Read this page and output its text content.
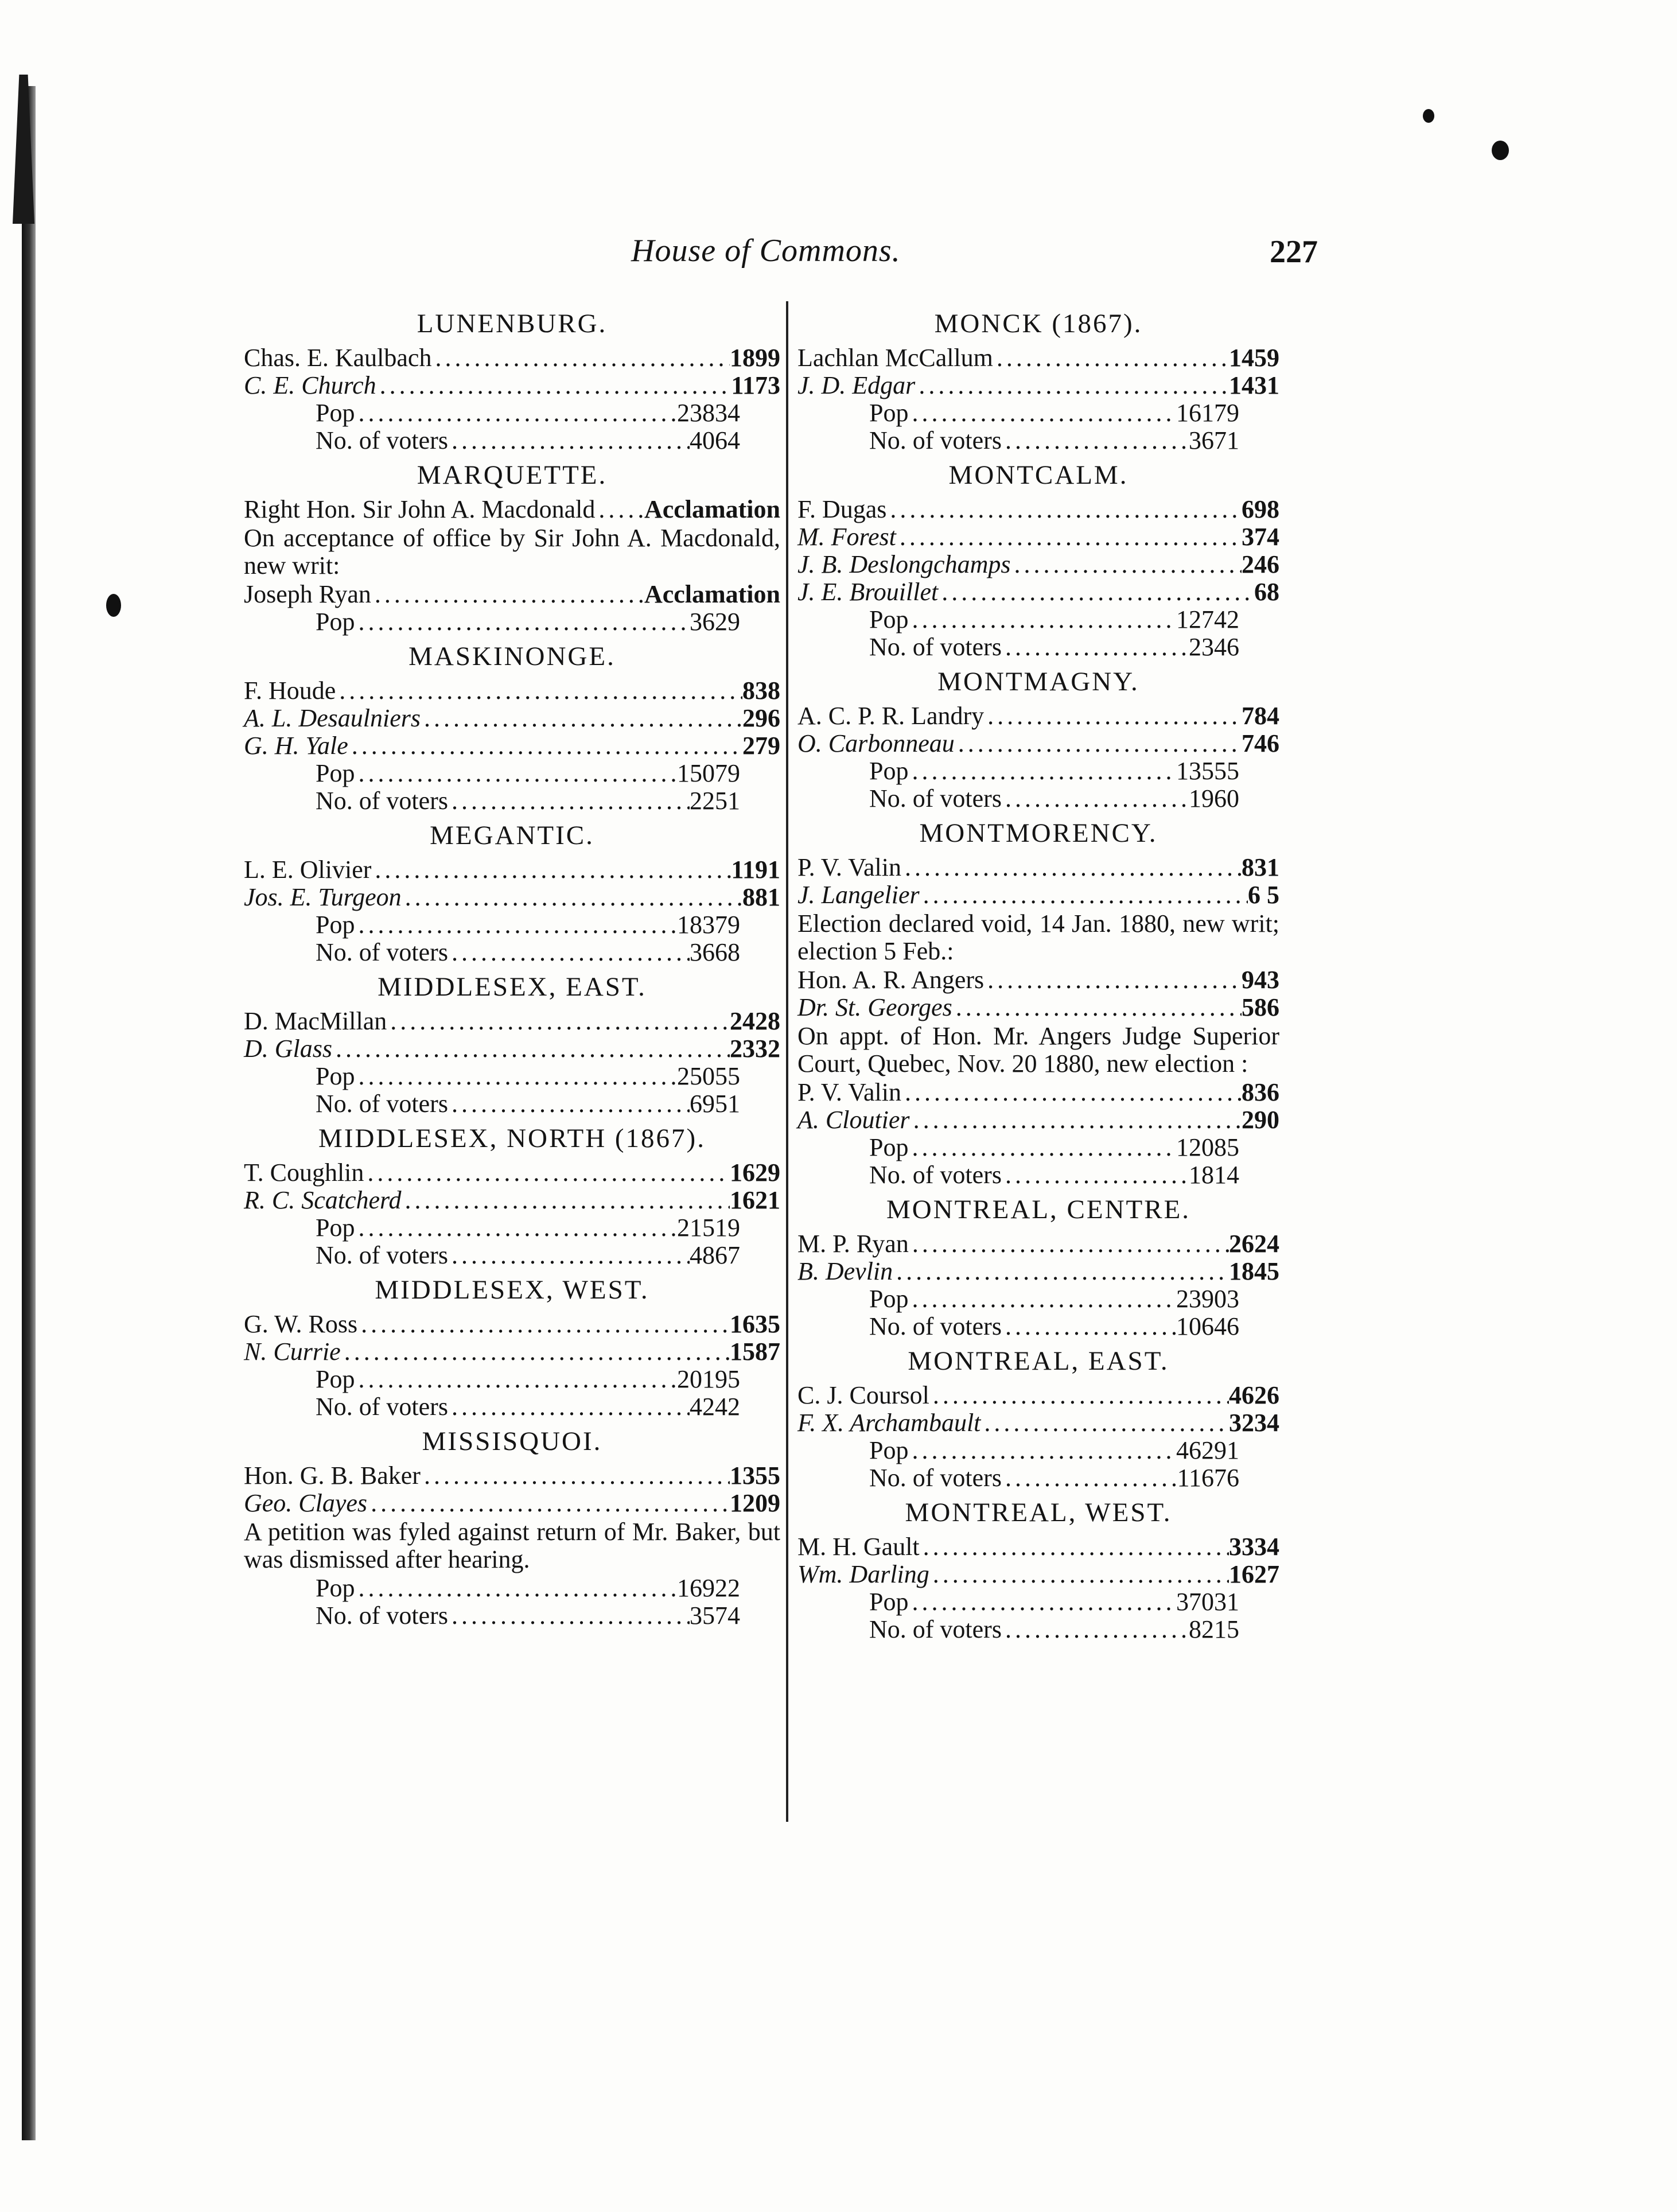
House of Commons.	227
LUNENBURG.
Chas. E. Kaulbach .....	1899
C. E. Church .....	1173
Pop .....	23834
No. of voters .....	4064
MARQUETTE.
Right Hon. Sir John A. Macdonald ..... Acclamation
On acceptance of office by Sir John A. Macdonald, new writ:
Joseph Ryan .....	Acclamation
Pop .....	3629
MASKINONGE.
F. Houde .....	838
A. L. Desaulniers .....	296
G. H. Yale .....	279
Pop .....	15079
No. of voters .....	2251
MEGANTIC.
L. E. Olivier .....	1191
Jos. E. Turgeon .....	881
Pop .....	18379
No. of voters .....	3668
MIDDLESEX, EAST.
D. MacMillan .....	2428
D. Glass .....	2332
Pop .....	25055
No. of voters .....	6951
MIDDLESEX, NORTH (1867).
T. Coughlin .....	1629
R. C. Scatcherd .....	1621
Pop .....	21519
No. of voters .....	4867
MIDDLESEX, WEST.
G. W. Ross .....	1635
N. Currie .....	1587
Pop .....	20195
No. of voters .....	4242
MISSISQUOI.
Hon. G. B. Baker .....	1355
Geo. Clayes .....	1209
A petition was fyled against return of Mr. Baker, but was dismissed after hearing.
Pop .....	16922
No. of voters .....	3574
MONCK (1867).
Lachlan McCallum .....	1459
J. D. Edgar .....	1431
Pop .....	16179
No. of voters .....	3671
MONTCALM.
F. Dugas .....	698
M. Forest .....	374
J. B. Deslongchamps .....	246
J. E. Brouillet .....	68
Pop .....	12742
No. of voters .....	2346
MONTMAGNY.
A. C. P. R. Landry .....	784
O. Carbonneau .....	746
Pop .....	13555
No. of voters .....	1960
MONTMORENCY.
P. V. Valin .....	831
J. Langelier .....	6 5
Election declared void, 14 Jan. 1880, new writ; election 5 Feb.:
Hon. A. R. Angers .....	943
Dr. St. Georges .....	586
On appt. of Hon. Mr. Angers Judge Superior Court, Quebec, Nov. 20 1880, new election :
P. V. Valin .....	836
A. Cloutier .....	290
Pop .....	12085
No. of voters .....	1814
MONTREAL, CENTRE.
M. P. Ryan .....	2624
B. Devlin .....	1845
Pop .....	23903
No. of voters .....	10646
MONTREAL, EAST.
C. J. Coursol .....	4626
F. X. Archambault .....	3234
Pop .....	46291
No. of voters .....	11676
MONTREAL, WEST.
M. H. Gault .....	3334
Wm. Darling .....	1627
Pop .....	37031
No. of voters .....	8215
